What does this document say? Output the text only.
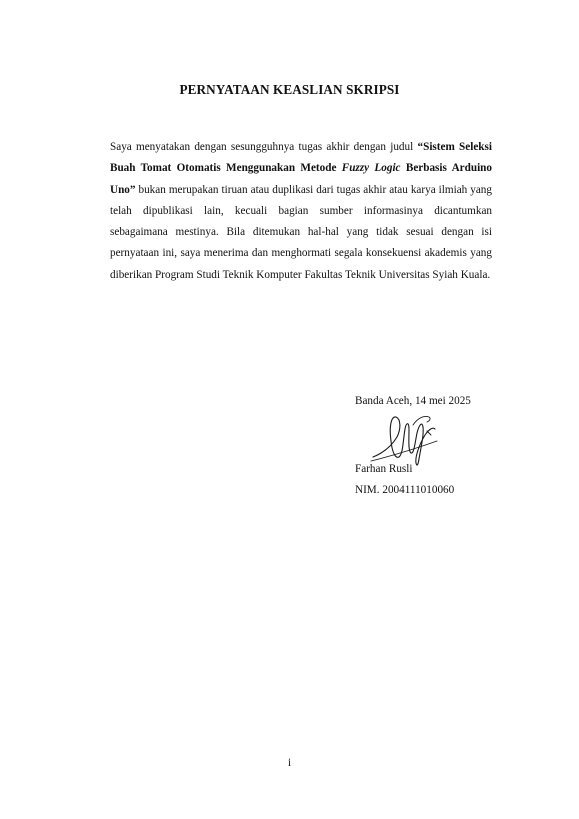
PERNYATAAN KEASLIAN SKRIPSI
Saya menyatakan dengan sesungguhnya tugas akhir dengan judul “Sistem Seleksi Buah Tomat Otomatis Menggunakan Metode Fuzzy Logic Berbasis Arduino Uno” bukan merupakan tiruan atau duplikasi dari tugas akhir atau karya ilmiah yang telah dipublikasi lain, kecuali bagian sumber informasinya dicantumkan sebagaimana mestinya. Bila ditemukan hal-hal yang tidak sesuai dengan isi pernyataan ini, saya menerima dan menghormati segala konsekuensi akademis yang diberikan Program Studi Teknik Komputer Fakultas Teknik Universitas Syiah Kuala.
Banda Aceh, 14 mei 2025
Farhan Rusli
NIM. 2004111010060
i
